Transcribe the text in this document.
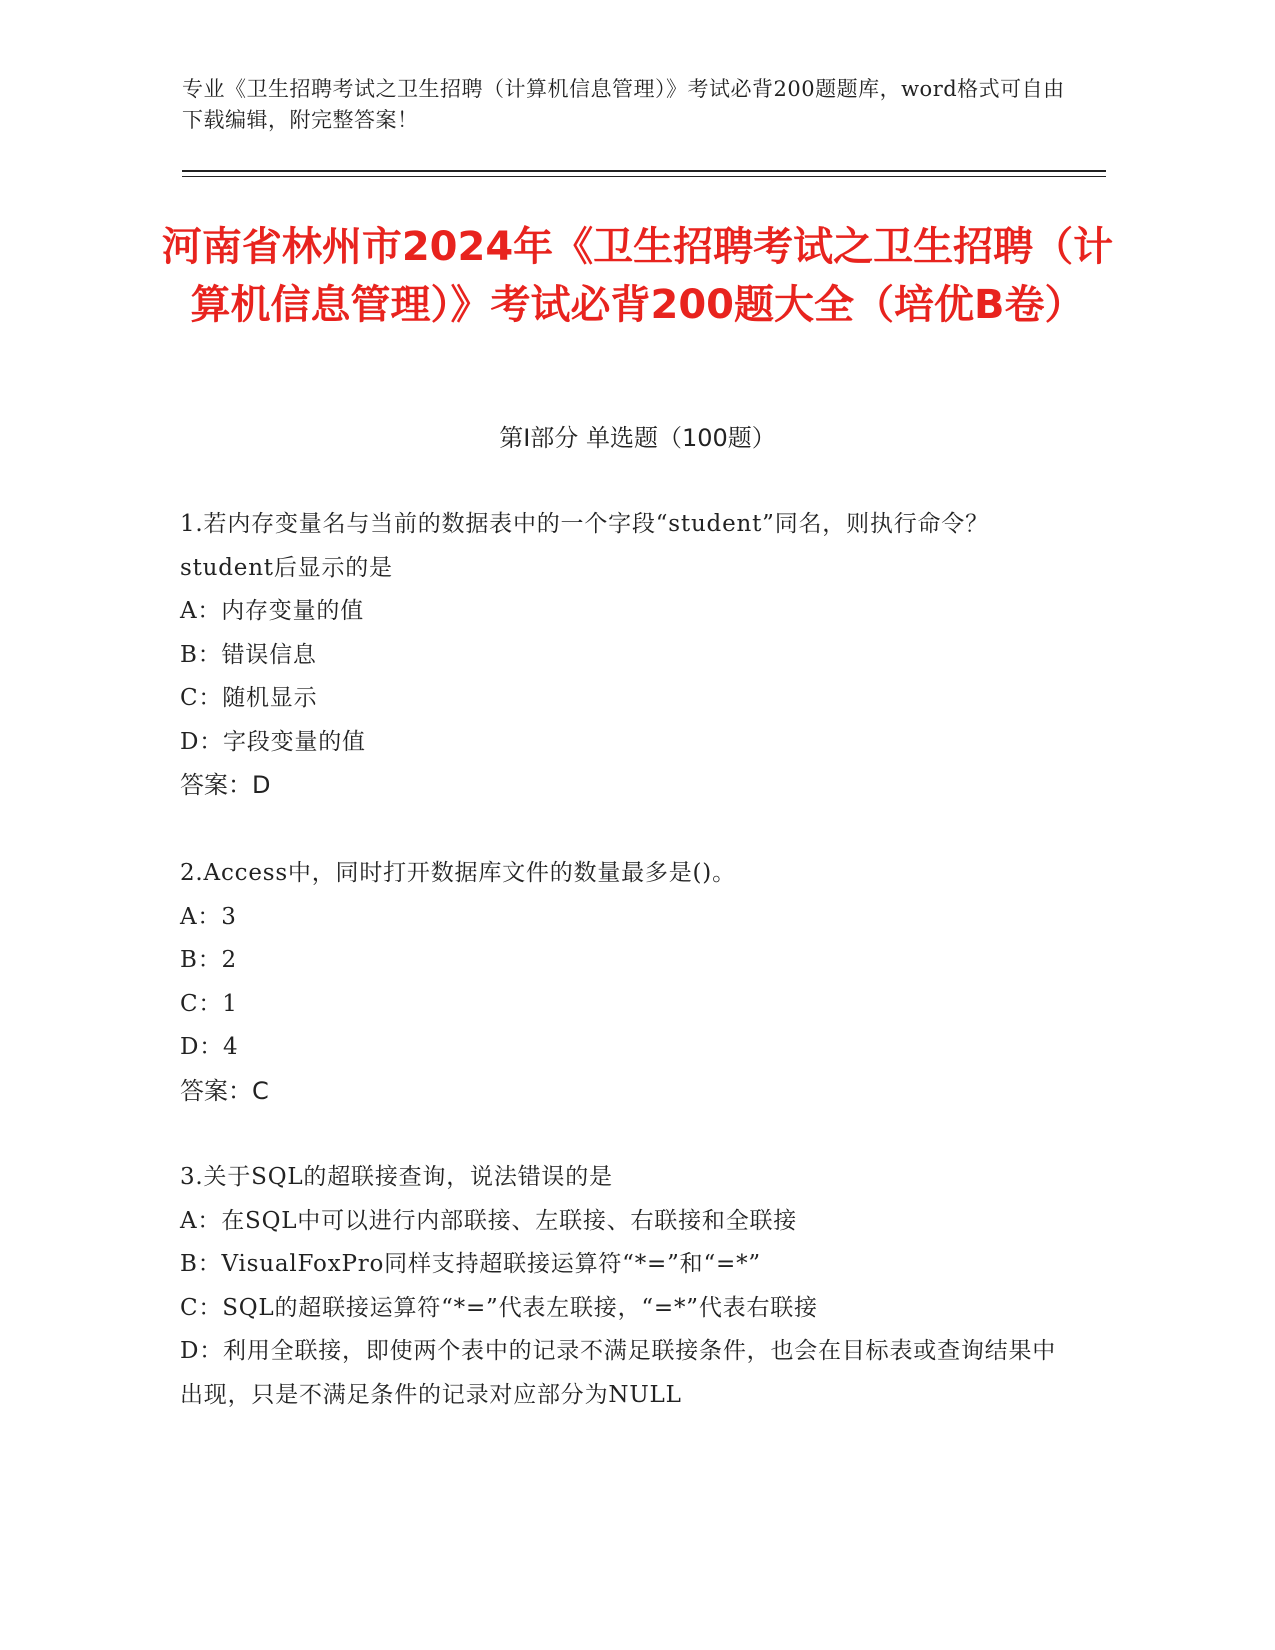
专业《卫生招聘考试之卫生招聘（计算机信息管理）》考试必背200题题库，word格式可自由下载编辑，附完整答案！
河南省林州市2024年《卫生招聘考试之卫生招聘（计算机信息管理）》考试必背200题大全（培优B卷）
第Ⅰ部分 单选题（100题）
1.若内存变量名与当前的数据表中的一个字段“student”同名，则执行命令？student后显示的是
A：内存变量的值
B：错误信息
C：随机显示
D：字段变量的值
答案：D
2.Access中，同时打开数据库文件的数量最多是()。
A：3
B：2
C：1
D：4
答案：C
3.关于SQL的超联接查询，说法错误的是
A：在SQL中可以进行内部联接、左联接、右联接和全联接
B：VisualFoxPro同样支持超联接运算符“*=”和“=*”
C：SQL的超联接运算符“*=”代表左联接，“=*”代表右联接
D：利用全联接，即使两个表中的记录不满足联接条件，也会在目标表或查询结果中出现，只是不满足条件的记录对应部分为NULL
